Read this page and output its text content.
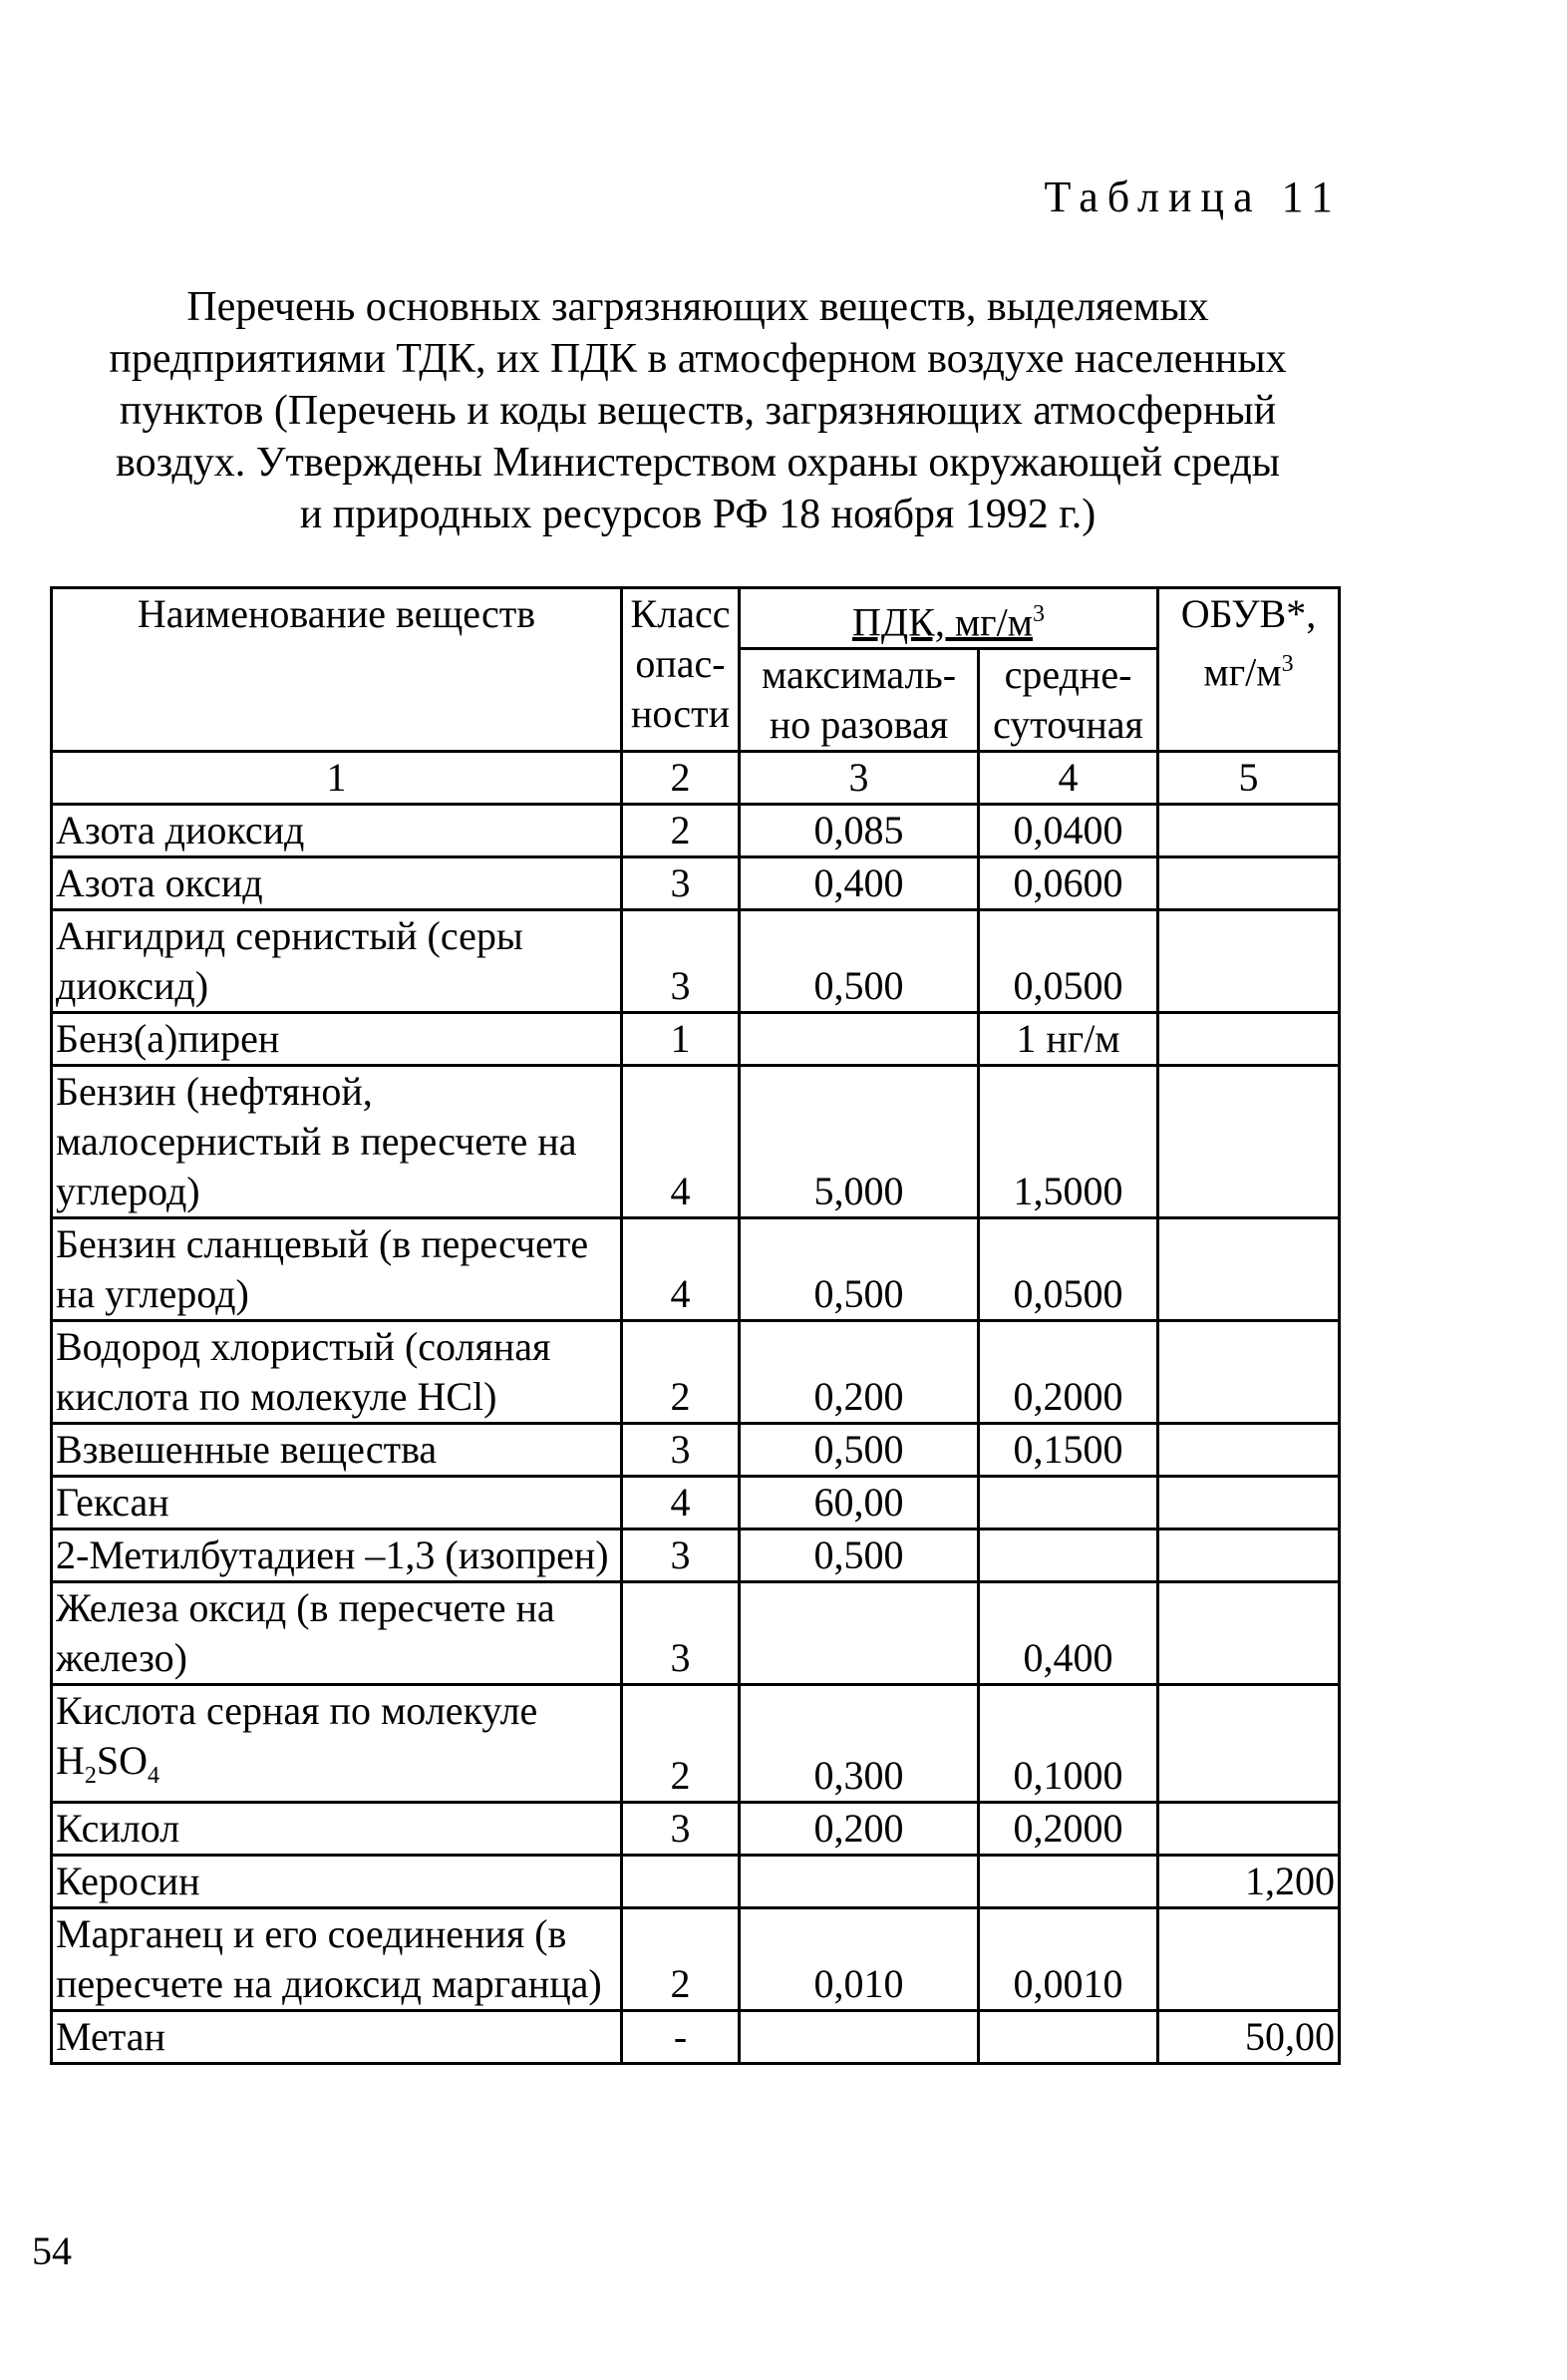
Таблица 11
Перечень основных загрязняющих веществ, выделяемых
предприятиями ТДК, их ПДК в атмосферном воздухе населенных
пунктов (Перечень и коды веществ, загрязняющих атмосферный
воздух. Утверждены Министерством охраны окружающей среды
и природных ресурсов РФ 18 ноября 1992 г.)
Наименование веществ	Класс опас-ности	ПДК, $мг/м^3$		ОБУВ*, $мг/м^3$
		максималь-но разовая	средне-суточная	
1	2	3	4	5
Азота диоксид	2	0,085	0,0400	
Азота оксид	3	0,400	0,0600	
Ангидрид сернистый (серы диоксид)	3	0,500	0,0500	
Бенз(а)пирен	1		1 нг/м	
Бензин (нефтяной, малосернистый в пересчете на углерод)	4	5,000	1,5000	
Бензин сланцевый (в пересчете на углерод)	4	0,500	0,0500	
Водород хлористый (соляная кислота по молекуле HCl)	2	0,200	0,2000	
Взвешенные вещества	3	0,500	0,1500	
Гексан	4	60,00		
2-Метилбутадиен –1,3 (изопрен)	3	0,500		
Железа оксид (в пересчете на железо)	3		0,400	
Кислота серная по молекуле $H_2SO_4$	2	0,300	0,1000	
Ксилол	3	0,200	0,2000	
Керосин				1,200
Марганец и его соединения (в пересчете на диоксид марганца)	2	0,010	0,0010	
Метан	-			50,00
54
